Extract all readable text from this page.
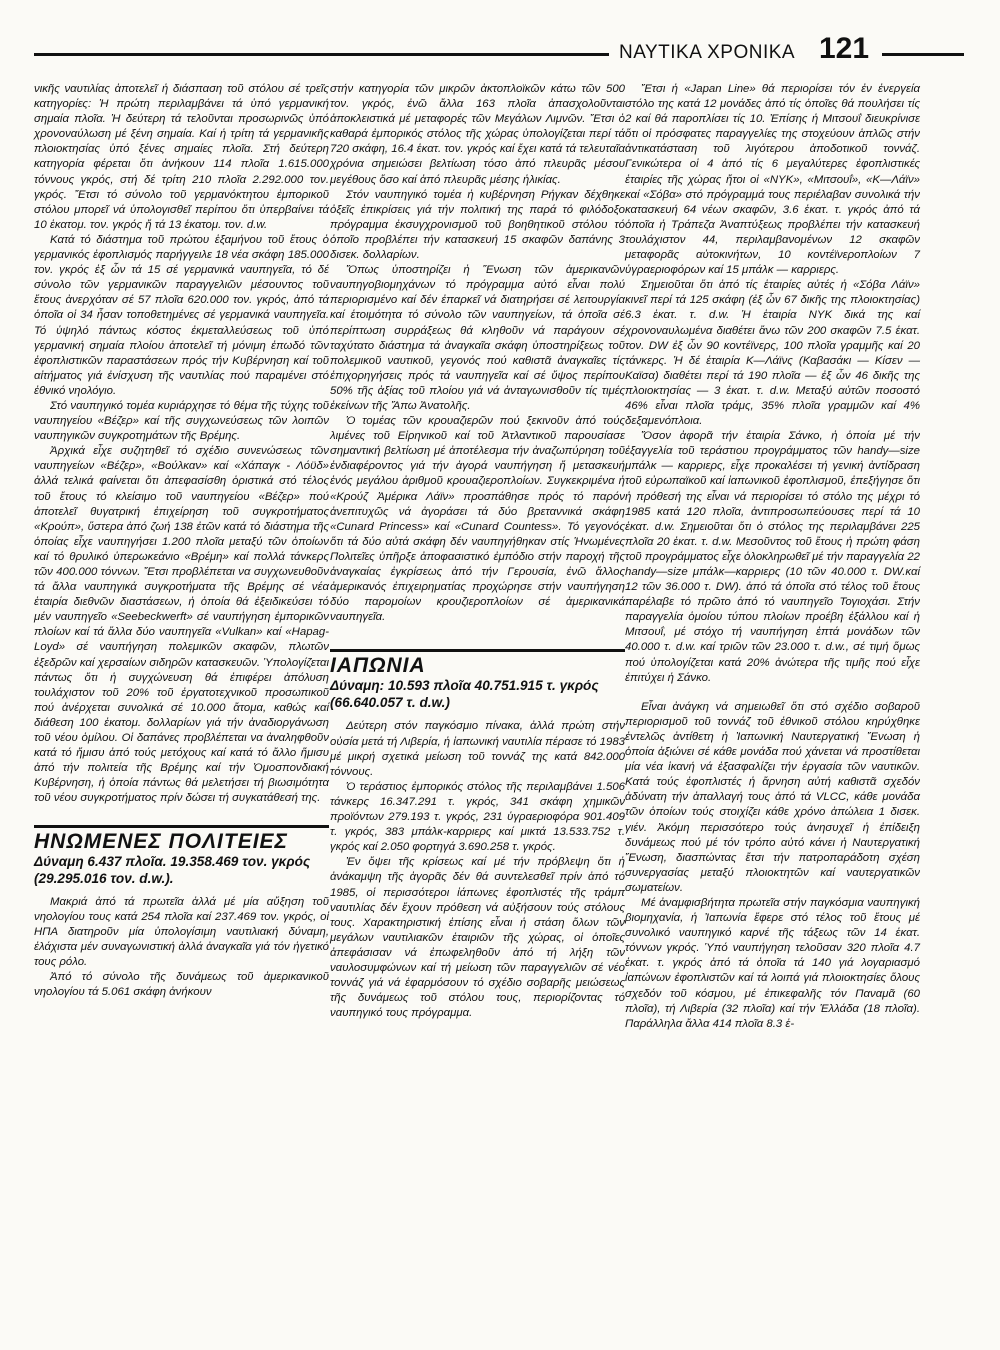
ΝΑΥΤΙΚΑ ΧΡΟΝΙΚΑ 121

νικῆς ναυτιλίας ἀποτελεῖ ἡ διάσπαση τοῦ στόλου σέ τρεῖς κατηγορίες: Ἡ πρώτη περιλαμβάνει τά ὑπό γερμανική σημαία πλοῖα. Ἡ δεύτερη τά τελοῦνται προσωρινῶς ὑπό χρονοναύλωση μέ ξένη σημαία. Καί ἡ τρίτη τά γερμανικῆς πλοιοκτησίας ὑπό ξένες σημαίες πλοῖα. Στή δεύτερη κατηγορία φέρεται ὅτι ἀνήκουν 114 πλοῖα 1.615.000 τόννους γκρός, στή δέ τρίτη 210 πλοῖα 2.292.000 τον. γκρός. Ἔτσι τό σύνολο τοῦ γερμανόκτητου ἐμπορικοῦ στόλου μπορεῖ νά ὑπολογισθεῖ περίπου ὅτι ὑπερβαίνει τά 10 ἑκατομ. τον. γκρός ἤ τά 13 ἑκατομ. τον. d.w.

Κατά τό διάστημα τοῦ πρώτου ἑξαμήνου τοῦ ἔτους ὁ γερμανικός ἐφοπλισμός παρήγγειλε 18 νέα σκάφη 185.000 τον. γκρός ἐξ ὧν τά 15 σέ γερμανικά ναυπηγεῖα, τό δέ σύνολο τῶν γερμανικῶν παραγγελιῶν μέσουντος τοῦ ἔτους ἀνερχόταν σέ 57 πλοῖα 620.000 τον. γκρός, ἀπό τά ὁποῖα οἱ 34 ἦσαν τοποθετημένες σέ γερμανικά ναυπηγεῖα. Τό ὑψηλό πάντως κόστος ἐκμεταλλεύσεως τοῦ ὑπό γερμανική σημαία πλοίου ἀποτελεῖ τή μόνιμη ἐπωδό τῶν ἐφοπλιστικῶν παραστάσεων πρός τήν Κυβέρνηση καί τοῦ αἰτήματος γιά ἐνίσχυση τῆς ναυτιλίας πού παραμένει στό ἐθνικό νηολόγιο.

Στό ναυπηγικό τομέα κυριάρχησε τό θέμα τῆς τύχης τοῦ ναυπηγείου «Βέζερ» καί τῆς συγχωνεύσεως τῶν λοιπῶν ναυπηγικῶν συγκροτημάτων τῆς Βρέμης.

Ἀρχικά εἶχε συζητηθεῖ τό σχέδιο συνενώσεως τῶν ναυπηγείων «Βέζερ», «Βούλκαν» καί «Χάπαγκ - Λόϋδ» ἀλλά τελικά φαίνεται ὅτι ἀπεφασίσθη ὁριστικά στό τέλος τοῦ ἔτους τό κλείσιμο τοῦ ναυπηγείου «Βέζερ» πού ἀποτελεῖ θυγατρική ἐπιχείρηση τοῦ συγκροτήματος «Κρούπ», ὕστερα ἀπό ζωή 138 ἐτῶν κατά τό διάστημα τῆς ὁποίας εἶχε ναυπηγήσει 1.200 πλοῖα μεταξύ τῶν ὁποίων καί τό θρυλικό ὑπερωκεάνιο «Βρέμη» καί πολλά τάνκερς τῶν 400.000 τόννων. Ἔτσι προβλέπεται να συγχωνευθοῦν τά ἄλλα ναυπηγικά συγκροτήματα τῆς Βρέμης σέ νέα ἑταιρία διεθνῶν διαστάσεων, ἡ ὁποία θά ἐξειδικεύσει τό μέν ναυπηγεῖο «Seebeckwerft» σέ ναυπήγηση ἐμπορικῶν πλοίων καί τά ἄλλα δύο ναυπηγεῖα «Vulkan» καί «Hapag-Loyd» σέ ναυπήγηση πολεμικῶν σκαφῶν, πλωτῶν ἐξεδρῶν καί χερσαίων σιδηρῶν κατασκευῶν. Ὑπολογίζεται πάντως ὅτι ἡ συγχώνευση θά ἐπιφέρει ἀπόλυση τουλάχιστον τοῦ 20% τοῦ ἐργατοτεχνικοῦ προσωπικοῦ πού ἀνέρχεται συνολικά σέ 10.000 ἄτομα, καθώς καί διάθεση 100 ἑκατομ. δολλαρίων γιά τήν ἀναδιοργάνωση τοῦ νέου ὁμίλου. Οἱ δαπάνες προβλέπεται να ἀναληφθοῦν κατά τό ἥμισυ ἀπό τούς μετόχους καί κατά τό ἄλλο ἥμισυ ἀπό τήν πολιτεία τῆς Βρέμης καί τήν Ὁμοσπονδιακή Κυβέρνηση, ἡ ὁποία πάντως θά μελετήσει τή βιωσιμότητα τοῦ νέου συγκροτήματος πρίν δώσει τή συγκατάθεσή της.

ΗΝΩΜΕΝΕΣ ΠΟΛΙΤΕΙΕΣ
Δύναμη 6.437 πλοῖα. 19.358.469 τον. γκρός (29.295.016 τον. d.w.).

Μακριά ἀπό τά πρωτεῖα ἀλλά μέ μία αὔξηση τοῦ νηολογίου τους κατά 254 πλοῖα καί 237.469 τον. γκρός, οἱ ΗΠΑ διατηροῦν μία ὑπολογίσιμη ναυτιλιακή δύναμη, ἐλάχιστα μέν συναγωνιστική ἀλλά ἀναγκαῖα γιά τόν ἡγετικό τους ρόλο.

Ἀπό τό σύνολο τῆς δυνάμεως τοῦ ἀμερικανικοῦ νηολογίου τά 5.061 σκάφη ἀνήκουν

στήν κατηγορία τῶν μικρῶν ἀκτοπλοϊκῶν κάτω τῶν 500 τον. γκρός, ἐνῶ ἄλλα 163 πλοῖα ἀπασχολοῦνται ἀποκλειστικά μέ μεταφορές τῶν Μεγάλων Λιμνῶν. Ἔτσι ὁ καθαρά ἐμπορικός στόλος τῆς χώρας ὑπολογίζεται περί τά 720 σκάφη, 16.4 ἑκατ. τον. γκρός καί ἔχει κατά τά τελευταῖα χρόνια σημειώσει βελτίωση τόσο ἀπό πλευρᾶς μέσου μεγέθους ὅσο καί ἀπό πλευρᾶς μέσης ἡλικίας.

Στόν ναυπηγικό τομέα ἡ κυβέρνηση Ρήγκαν δέχθηκε ὀξεῖς ἐπικρίσεις γιά τήν πολιτική της παρά τό φιλόδοξο πρόγραμμα ἐκσυγχρονισμοῦ τοῦ βοηθητικοῦ στόλου τό ὁποῖο προβλέπει τήν κατασκευή 15 σκαφῶν δαπάνης 3 δισεκ. δολλαρίων.

Ὅπως ὑποστηρίζει ἡ Ἕνωση τῶν ἀμερικανῶν ναυπηγοβιομηχάνων τό πρόγραμμα αὐτό εἶναι πολύ περιορισμένο καί δέν ἐπαρκεῖ νά διατηρήσει σέ λειτουργία καί ἑτοιμότητα τό σύνολο τῶν ναυπηγείων, τά ὁποῖα σέ περίπτωση συρράξεως θά κληθοῦν νά παράγουν σέ ταχύτατο διάστημα τά ἀναγκαῖα σκάφη ὑποστηρίξεως τοῦ πολεμικοῦ ναυτικοῦ, γεγονός πού καθιστᾶ ἀναγκαῖες τίς ἐπιχορηγήσεις πρός τά ναυπηγεῖα καί σέ ὕψος περίπου 50% τῆς ἀξίας τοῦ πλοίου γιά νά ἀνταγωνισθοῦν τίς τιμές ἐκείνων τῆς Ἄπω Ἀνατολῆς.

Ὁ τομέας τῶν κρουαζιερῶν πού ξεκινοῦν ἀπό τούς λιμένες τοῦ Εἰρηνικοῦ καί τοῦ Ἀτλαντικοῦ παρουσίασε σημαντική βελτίωση μέ ἀποτέλεσμα τήν ἀναζωπύρηση τοῦ ἐνδιαφέροντος γιά τήν ἀγορά ναυπήγηση ἤ μετασκευή ἑνός μεγάλου ἀριθμοῦ κρουαζιεροπλοίων. Συγκεκριμένα ἡ «Κρούζ Ἀμέρικα Λάϊν» προσπάθησε πρός τό παρόν ἀνεπιτυχῶς νά ἀγοράσει τά δύο βρεταννικά σκάφη «Cunard Princess» καί «Cunard Countess». Τό γεγονός ὅτι τά δύο αὐτά σκάφη δέν ναυπηγήθηκαν στίς Ἡνωμένες Πολιτεῖες ὑπῆρξε ἀποφασιστικό ἐμπόδιο στήν παροχή τῆς ἀναγκαίας ἐγκρίσεως ἀπό τήν Γερουσία, ἐνῶ ἄλλος ἀμερικανός ἐπιχειρηματίας προχώρησε στήν ναυπήγηση δύο παρομοίων κρουζιεροπλοίων σέ ἀμερικανικά ναυπηγεῖα.

ΙΑΠΩΝΙΑ
Δύναμη: 10.593 πλοῖα 40.751.915 τ. γκρός (66.640.057 τ. d.w.)

Δεύτερη στόν παγκόσμιο πίνακα, ἀλλά πρώτη στήν οὐσία μετά τή Λιβερία, ἡ ἰαπωνική ναυτιλία πέρασε τό 1983 μέ μικρή σχετικά μείωση τοῦ τοννάζ της κατά 842.000 τόννους.

Ὁ τεράστιος ἐμπορικός στόλος τῆς περιλαμβάνει 1.506 τάνκερς 16.347.291 τ. γκρός, 341 σκάφη χημικῶν προϊόντων 279.193 τ. γκρός, 231 ὑγραεριοφόρα 901.409 τ. γκρός, 383 μπάλκ-καρριερς καί μικτά 13.533.752 τ. γκρός καί 2.050 φορτηγά 3.690.258 τ. γκρός.

Ἐν ὄψει τῆς κρίσεως καί μέ τήν πρόβλεψη ὅτι ἡ ἀνάκαμψη τῆς ἀγορᾶς δέν θά συντελεσθεῖ πρίν ἀπό τό 1985, οἱ περισσότεροι ἰάπωνες ἐφοπλιστές τῆς τράμπ ναυτιλίας δέν ἔχουν πρόθεση νά αὐξήσουν τούς στόλους τους. Χαρακτηριστική ἐπίσης εἶναι ἡ στάση ὅλων τῶν μεγάλων ναυτιλιακῶν ἑταιριῶν τῆς χώρας, οἱ ὁποῖες ἀπεφάσισαν νά ἐπωφεληθοῦν ἀπό τή λήξη τῶν ναυλοσυμφώνων καί τή μείωση τῶν παραγγελιῶν σέ νέο τοννάζ γιά νά ἐφαρμόσουν τό σχέδιο σοβαρῆς μειώσεως τῆς δυνάμεως τοῦ στόλου τους, περιορίζοντας τό ναυπηγικό τους πρόγραμμα.

Ἔτσι ἡ «Japan Line» θά περιορίσει τόν ἐν ἐνεργεία στόλο της κατά 12 μονάδες ἀπό τίς ὁποῖες θά πουλήσει τίς 2 καί θά παροπλίσει τίς 10. Ἐπίσης ἡ Μιτσουΐ διευκρίνισε ὅτι οἱ πρόσφατες παραγγελίες της στοχεύουν ἁπλῶς στήν ἀντικατάσταση τοῦ λιγότερου ἀποδοτικοῦ τοννάζ. Γενικώτερα οἱ 4 ἀπό τίς 6 μεγαλύτερες ἐφοπλιστικές ἑταιρίες τῆς χώρας ἤτοι οἱ «ΝΥΚ», «Μιτσουΐ», «Κ—Λάϊν» καί «Σόβα» στό πρόγραμμά τους περιέλαβαν συνολικά τήν κατασκευή 64 νέων σκαφῶν, 3.6 ἑκατ. τ. γκρός ἀπό τά ὁποῖα ἡ Τράπεζα Ἀναπτύξεως προβλέπει τήν κατασκευή τουλάχιστον 44, περιλαμβανομένων 12 σκαφῶν μεταφορᾶς αὐτοκινήτων, 10 κοντέϊνεροπλοίων 7 ὑγραεριοφόρων καί 15 μπάλκ — καρριερς.

Σημειοῦται ὅτι ἀπό τίς ἑταιρίες αὐτές ἡ «Σόβα Λάϊν» κινεῖ περί τά 125 σκάφη (ἐξ ὧν 67 δικῆς της πλοιοκτησίας) 6.3 ἑκατ. τ. d.w. Ἡ ἑταιρία ΝΥΚ δικά της καί χρονοναυλωμένα διαθέτει ἄνω τῶν 200 σκαφῶν 7.5 ἑκατ. τον. DW ἐξ ὧν 90 κοντέϊνερς, 100 πλοῖα γραμμῆς καί 20 τάνκερς. Ἡ δέ ἑταιρία Κ—Λάϊνς (Καβασάκι — Κίσεν — Καϊσα) διαθέτει περί τά 190 πλοῖα — ἐξ ὧν 46 δικῆς της πλοιοκτησίας — 3 ἑκατ. τ. d.w. Μεταξύ αὐτῶν ποσοστό 46% εἶναι πλοῖα τράμς, 35% πλοῖα γραμμῶν καί 4% δεξαμενόπλοια.

Ὅσον ἀφορᾶ τήν ἑταιρία Σάνκο, ἡ ὁποία μέ τήν ἐξαγγελία τοῦ τεράστιου προγράμματος τῶν handy—size μπάλκ — καρριερς, εἶχε προκαλέσει τή γενική ἀντίδραση τοῦ εὐρωπαϊκοῦ καί ἰαπωνικοῦ ἐφοπλισμοῦ, ἐπεξήγησε ὅτι ἡ πρόθεσή της εἶναι νά περιορίσει τό στόλο της μέχρι τό 1985 κατά 120 πλοῖα, ἀντιπροσωπεύουσες περί τά 10 ἑκατ. d.w. Σημειοῦται ὅτι ὁ στόλος της περιλαμβάνει 225 πλοῖα 20 ἑκατ. τ. d.w. Μεσοῦντος τοῦ ἔτους ἡ πρώτη φάση τοῦ προγράμματος εἶχε ὁλοκληρωθεῖ μέ τήν παραγγελία 22 handy—size μπάλκ—καρριερς (10 τῶν 40.000 τ. DW.καί 12 τῶν 36.000 τ. DW). ἀπό τά ὁποῖα στό τέλος τοῦ ἔτους παρέλαβε τό πρῶτο ἀπό τό ναυπηγεῖο Τογιοχάσι. Στήν παραγγελία ὁμοίου τύπου πλοίων προέβη ἐξάλλου καί ἡ Μιτσουΐ, μέ στόχο τή ναυπήγηση ἑπτά μονάδων τῶν 40.000 τ. d.w. καί τριῶν τῶν 23.000 τ. d.w., σέ τιμή ὅμως πού ὑπολογίζεται κατά 20% ἀνώτερα τῆς τιμῆς πού εἶχε ἐπιτύχει ἡ Σάνκο.

Εἶναι ἀνάγκη νά σημειωθεῖ ὅτι στό σχέδιο σοβαροῦ περιορισμοῦ τοῦ τοννάζ τοῦ ἐθνικοῦ στόλου κηρύχθηκε ἐντελῶς ἀντίθετη ἡ Ἰαπωνική Ναυτεργατική Ἕνωση ἡ ὁποία ἀξιώνει σέ κάθε μονάδα πού χάνεται νά προστίθεται μία νέα ἱκανή νά ἐξασφαλίζει τήν ἐργασία τῶν ναυτικῶν. Κατά τούς ἐφοπλιστές ἡ ἄρνηση αὐτή καθιστᾶ σχεδόν ἀδύνατη τήν ἀπαλλαγή τους ἀπό τά VLCC, κάθε μονάδα τῶν ὁποίων τούς στοιχίζει κάθε χρόνο ἀπώλεια 1 δισεκ. γιέν. Ἀκόμη περισσότερο τούς ἀνησυχεῖ ἡ ἐπίδειξη δυνάμεως πού μέ τόν τρόπο αὐτό κάνει ἡ Ναυτεργατική Ἕνωση, διασπώντας ἔτσι τήν πατροπαράδοτη σχέση συνεργασίας μεταξύ πλοιοκτητῶν καί ναυτεργατικῶν σωματείων.

Μέ ἀναμφισβήτητα πρωτεῖα στήν παγκόσμια ναυπηγική βιομηχανία, ἡ Ἰαπωνία ἔφερε στό τέλος τοῦ ἔτους μέ συνολικό ναυπηγικό καρνέ τῆς τάξεως τῶν 14 ἑκατ. τόννων γκρός. Ὑπό ναυπήγηση τελοῦσαν 320 πλοῖα 4.7 ἑκατ. τ. γκρός ἀπό τά ὁποῖα τά 140 γιά λογαριασμό ἰαπώνων ἐφοπλιστῶν καί τά λοιπά γιά πλοιοκτησίες ὅλους σχεδόν τοῦ κόσμου, μέ ἐπικεφαλῆς τόν Παναμᾶ (60 πλοῖα), τή Λιβερία (32 πλοῖα) καί τήν Ἑλλάδα (18 πλοῖα). Παράλληλα ἄλλα 414 πλοῖα 8.3 ἑ-
